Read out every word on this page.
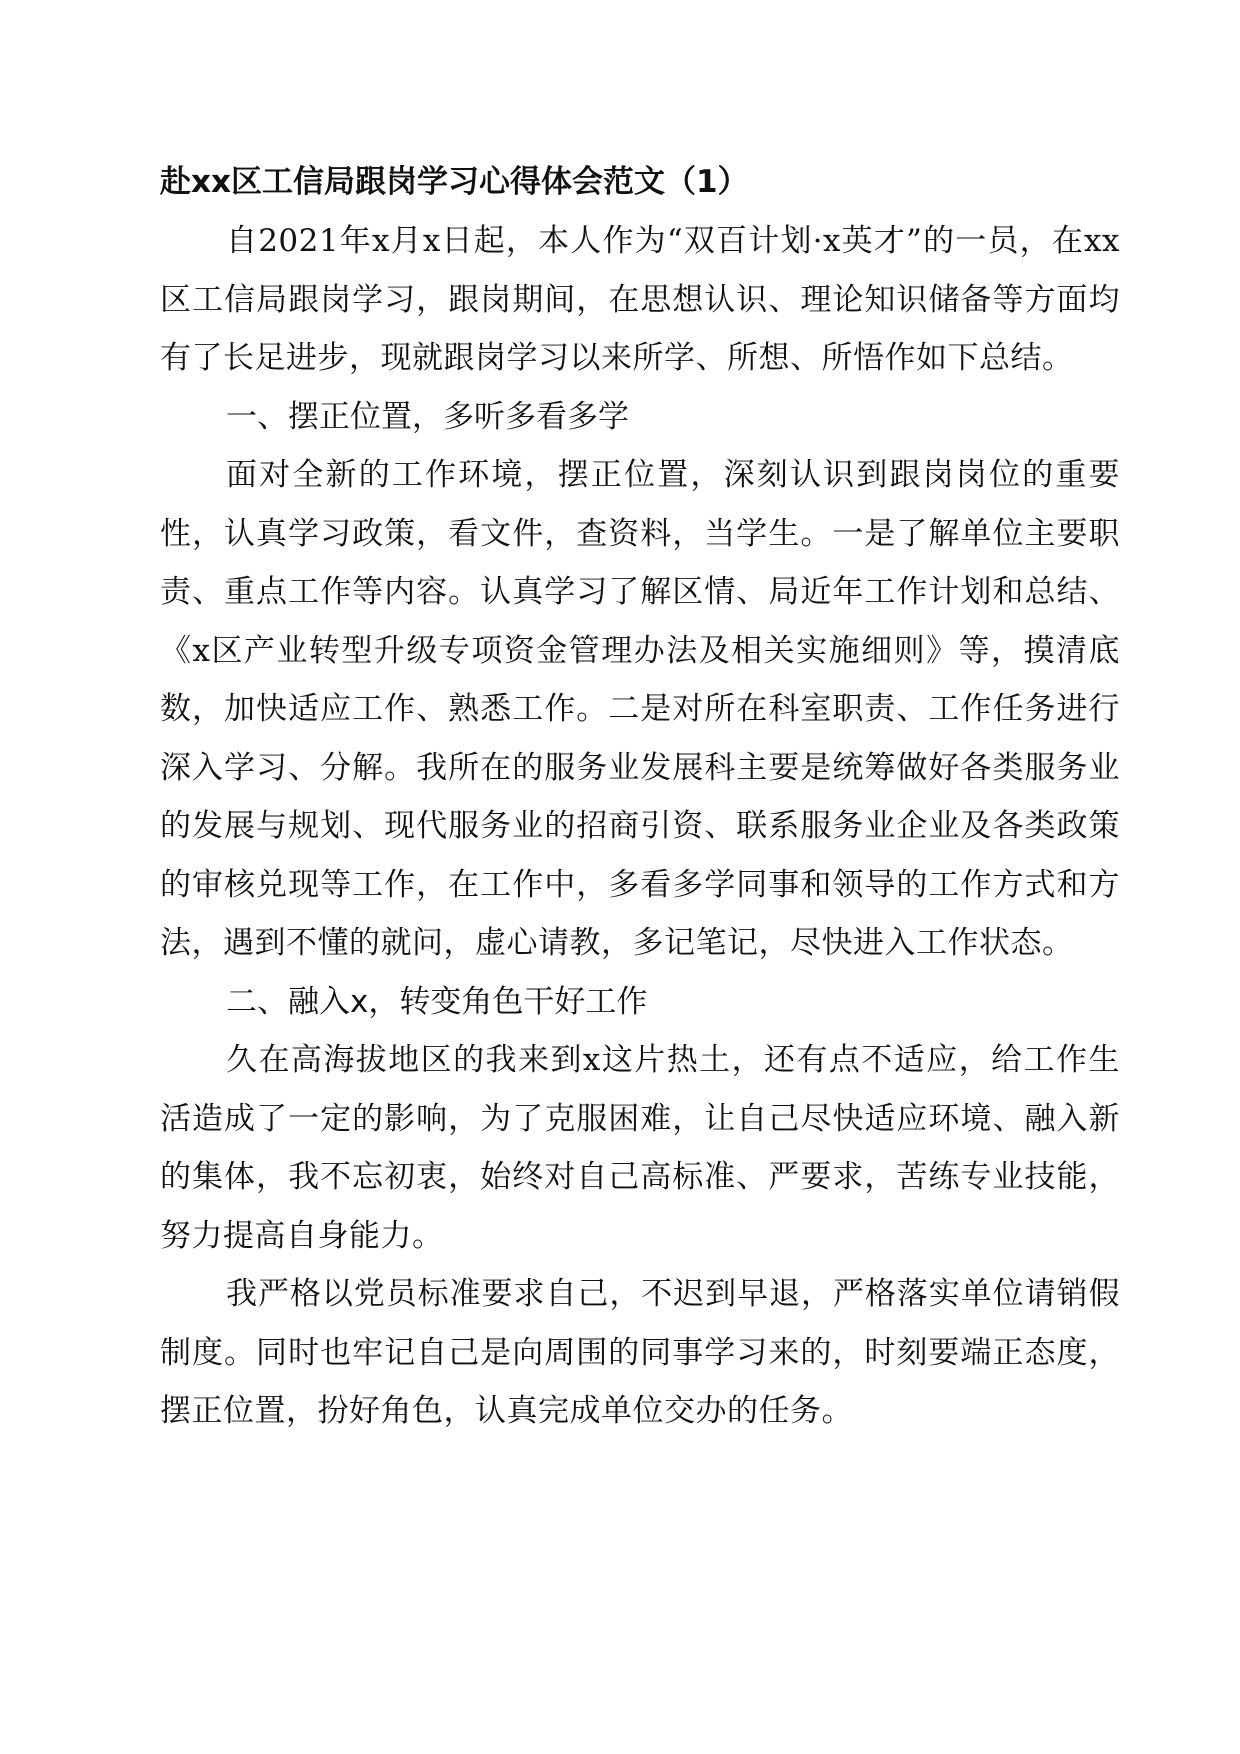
赴xx区工信局跟岗学习心得体会范文（1）

自2021年x月x日起，本人作为“双百计划·x英才”的一员，在xx区工信局跟岗学习，跟岗期间，在思想认识、理论知识储备等方面均有了长足进步，现就跟岗学习以来所学、所想、所悟作如下总结。

一、摆正位置，多听多看多学

面对全新的工作环境，摆正位置，深刻认识到跟岗岗位的重要性，认真学习政策，看文件，查资料，当学生。一是了解单位主要职责、重点工作等内容。认真学习了解区情、局近年工作计划和总结、《x区产业转型升级专项资金管理办法及相关实施细则》等，摸清底数，加快适应工作、熟悉工作。二是对所在科室职责、工作任务进行深入学习、分解。我所在的服务业发展科主要是统筹做好各类服务业的发展与规划、现代服务业的招商引资、联系服务业企业及各类政策的审核兑现等工作，在工作中，多看多学同事和领导的工作方式和方法，遇到不懂的就问，虚心请教，多记笔记，尽快进入工作状态。

二、融入x，转变角色干好工作

久在高海拔地区的我来到x这片热土，还有点不适应，给工作生活造成了一定的影响，为了克服困难，让自己尽快适应环境、融入新的集体，我不忘初衷，始终对自己高标准、严要求，苦练专业技能，努力提高自身能力。

我严格以党员标准要求自己，不迟到早退，严格落实单位请销假制度。同时也牢记自己是向周围的同事学习来的，时刻要端正态度，摆正位置，扮好角色，认真完成单位交办的任务。
